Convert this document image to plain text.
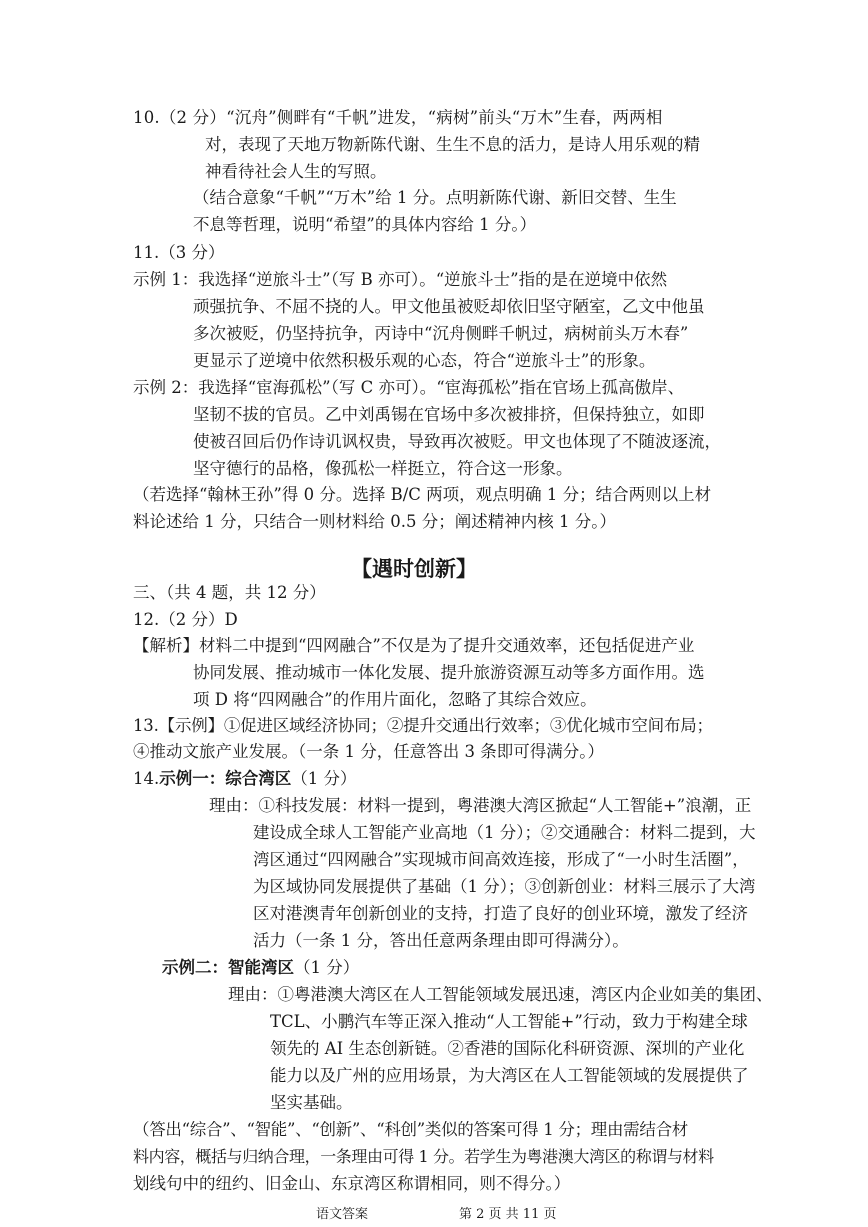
10.（2 分）“沉舟”侧畔有“千帆”进发，“病树”前头“万木”生春，两两相
对，表现了天地万物新陈代谢、生生不息的活力，是诗人用乐观的精
神看待社会人生的写照。
（结合意象“千帆”“万木”给 1 分。点明新陈代谢、新旧交替、生生
不息等哲理，说明“希望”的具体内容给 1 分。）
11.（3 分）
示例 1：我选择“逆旅斗士”（写 B 亦可）。“逆旅斗士”指的是在逆境中依然
顽强抗争、不屈不挠的人。甲文他虽被贬却依旧坚守陋室，乙文中他虽
多次被贬，仍坚持抗争，丙诗中“沉舟侧畔千帆过，病树前头万木春”
更显示了逆境中依然积极乐观的心态，符合“逆旅斗士”的形象。
示例 2：我选择“宦海孤松”（写 C 亦可）。“宦海孤松”指在官场上孤高傲岸、
坚韧不拔的官员。乙中刘禹锡在官场中多次被排挤，但保持独立，如即
使被召回后仍作诗讥讽权贵，导致再次被贬。甲文也体现了不随波逐流，
坚守德行的品格，像孤松一样挺立，符合这一形象。
（若选择“翰林王孙”得 0 分。选择 B/C 两项，观点明确 1 分；结合两则以上材
料论述给 1 分，只结合一则材料给 0.5 分；阐述精神内核 1 分。）
【遇时创新】
三、（共 4 题，共 12 分）
12.（2 分）D
【解析】材料二中提到“四网融合”不仅是为了提升交通效率，还包括促进产业
协同发展、推动城市一体化发展、提升旅游资源互动等多方面作用。选
项 D 将“四网融合”的作用片面化，忽略了其综合效应。
13.【示例】①促进区域经济协同；②提升交通出行效率；③优化城市空间布局；
④推动文旅产业发展。（一条 1 分，任意答出 3 条即可得满分。）
14.示例一：综合湾区（1 分）
理由：①科技发展：材料一提到，粤港澳大湾区掀起“人工智能+”浪潮，正
建设成全球人工智能产业高地（1 分）；②交通融合：材料二提到，大
湾区通过“四网融合”实现城市间高效连接，形成了“一小时生活圈”，
为区域协同发展提供了基础（1 分）；③创新创业：材料三展示了大湾
区对港澳青年创新创业的支持，打造了良好的创业环境，激发了经济
活力（一条 1 分，答出任意两条理由即可得满分）。
示例二：智能湾区（1 分）
理由：①粤港澳大湾区在人工智能领域发展迅速，湾区内企业如美的集团、
TCL、小鹏汽车等正深入推动“人工智能+”行动，致力于构建全球
领先的 AI 生态创新链。②香港的国际化科研资源、深圳的产业化
能力以及广州的应用场景，为大湾区在人工智能领域的发展提供了
坚实基础。
（答出“综合”、“智能”、“创新”、“科创”类似的答案可得 1 分；理由需结合材
料内容，概括与归纳合理，一条理由可得 1 分。若学生为粤港澳大湾区的称谓与材料
划线句中的纽约、旧金山、东京湾区称谓相同，则不得分。）
语文答案	第 2 页 共 11 页
